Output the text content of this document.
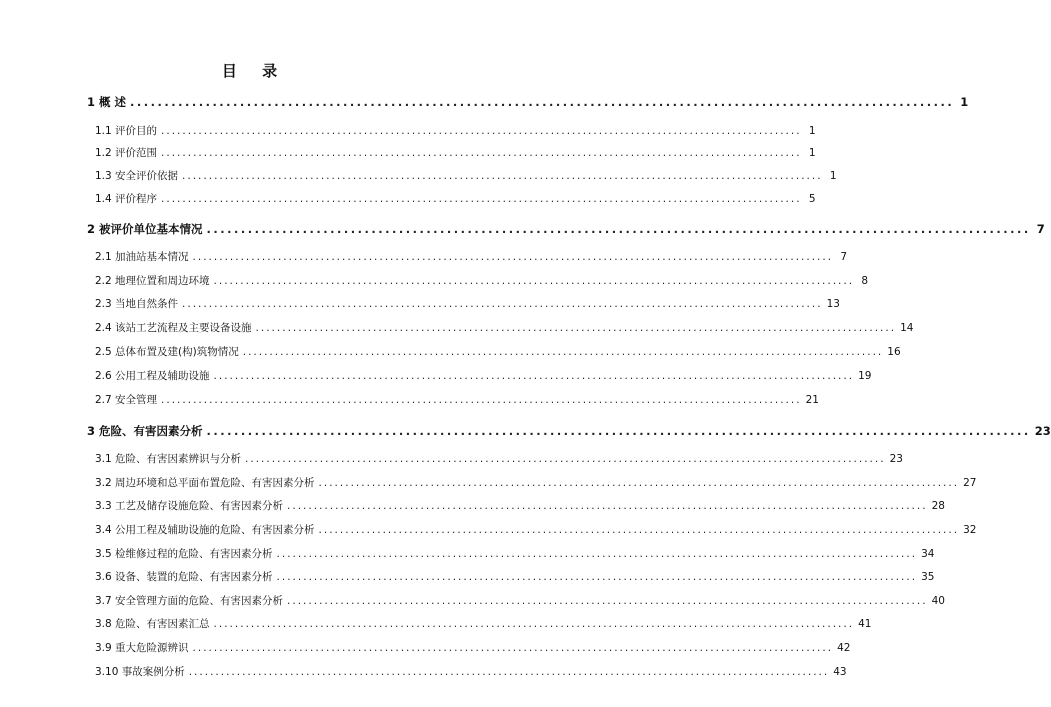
目 录
1 概 述 ........................................................................................................................ 1
1.1 评价目的 ........................................................................................................................ 1
1.2 评价范围 ........................................................................................................................ 1
1.3 安全评价依据 ........................................................................................................................ 1
1.4 评价程序 ........................................................................................................................ 5
2 被评价单位基本情况 ........................................................................................................................ 7
2.1 加油站基本情况 ........................................................................................................................ 7
2.2 地理位置和周边环境 ........................................................................................................................ 8
2.3 当地自然条件 ........................................................................................................................ 13
2.4 该站工艺流程及主要设备设施 ........................................................................................................................ 14
2.5 总体布置及建(构)筑物情况 ........................................................................................................................ 16
2.6 公用工程及辅助设施 ........................................................................................................................ 19
2.7 安全管理 ........................................................................................................................ 21
3 危险、有害因素分析 ........................................................................................................................ 23
3.1 危险、有害因素辨识与分析 ........................................................................................................................ 23
3.2 周边环境和总平面布置危险、有害因素分析 ........................................................................................................................ 27
3.3 工艺及储存设施危险、有害因素分析 ........................................................................................................................ 28
3.4 公用工程及辅助设施的危险、有害因素分析 ........................................................................................................................ 32
3.5 检维修过程的危险、有害因素分析 ........................................................................................................................ 34
3.6 设备、装置的危险、有害因素分析 ........................................................................................................................ 35
3.7 安全管理方面的危险、有害因素分析 ........................................................................................................................ 40
3.8 危险、有害因素汇总 ........................................................................................................................ 41
3.9 重大危险源辨识 ........................................................................................................................ 42
3.10 事故案例分析 ........................................................................................................................ 43
